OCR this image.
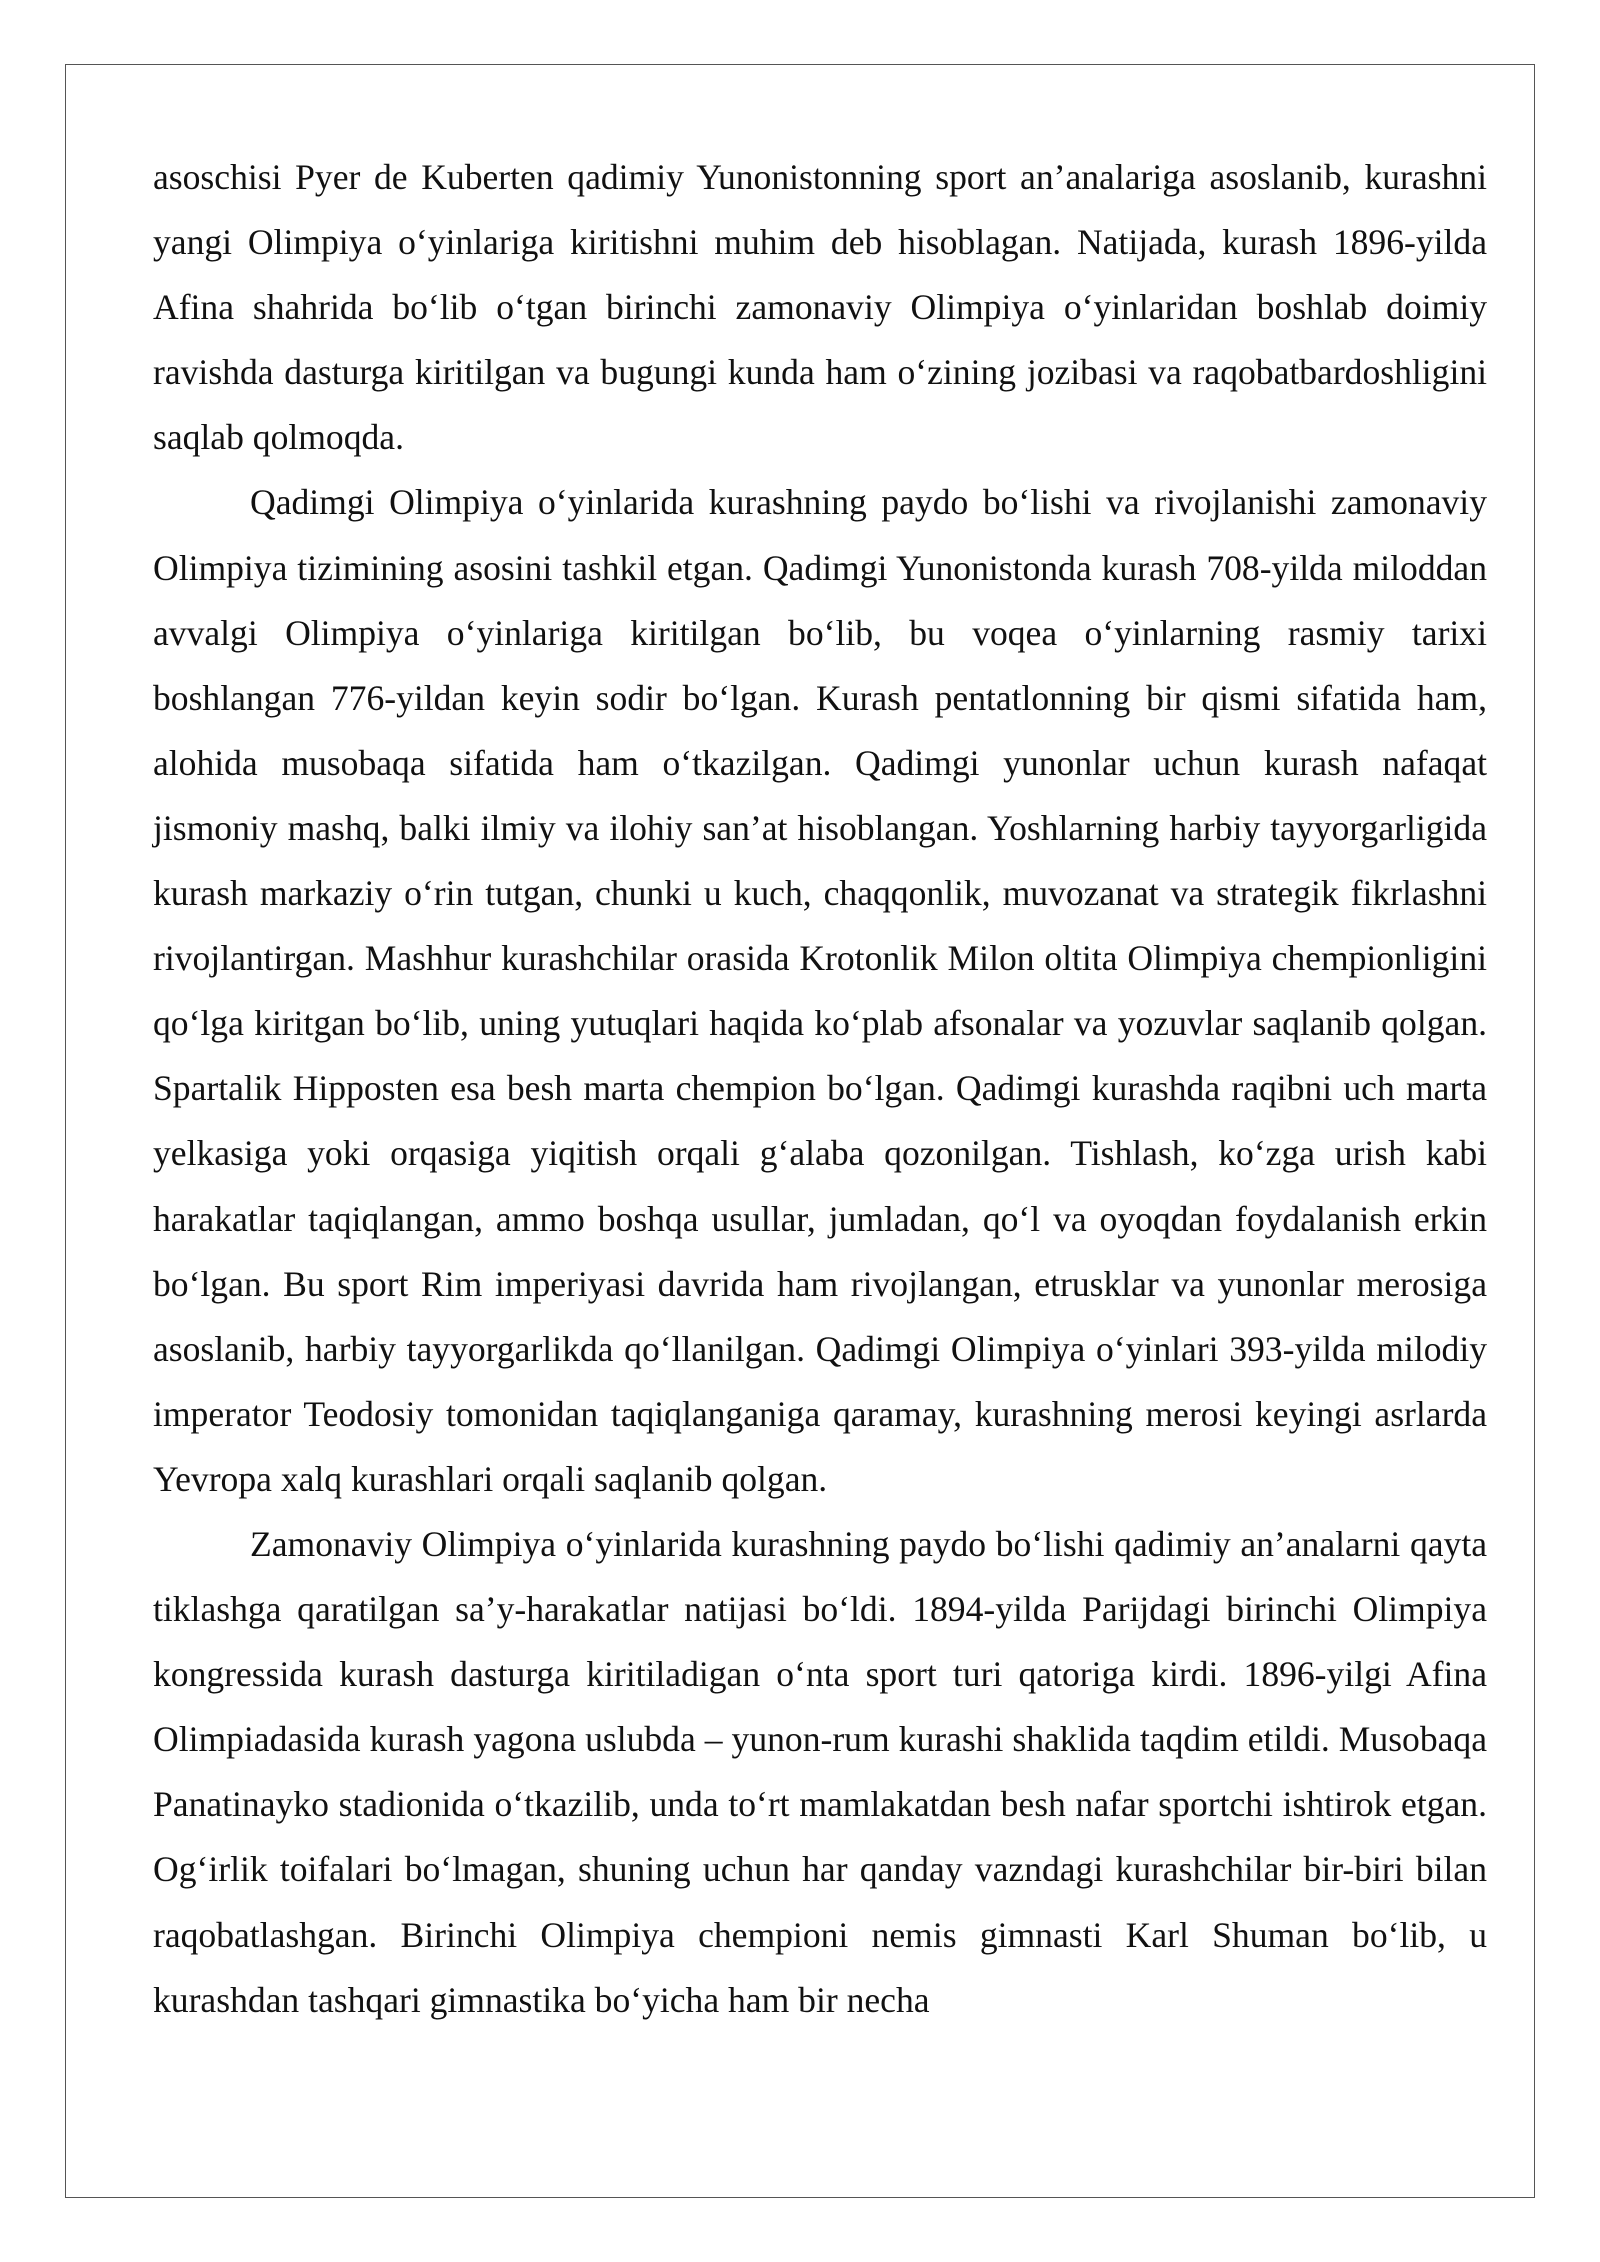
asoschisi Pyer de Kuberten qadimiy Yunonistonning sport an’analariga asoslanib, kurashni yangi Olimpiya o‘yinlariga kiritishni muhim deb hisoblagan. Natijada, kurash 1896-yilda Afina shahrida bo‘lib o‘tgan birinchi zamonaviy Olimpiya o‘yinlaridan boshlab doimiy ravishda dasturga kiritilgan va bugungi kunda ham o‘zining jozibasi va raqobatbardoshligini saqlab qolmoqda.

Qadimgi Olimpiya o‘yinlarida kurashning paydo bo‘lishi va rivojlanishi zamonaviy Olimpiya tizimining asosini tashkil etgan. Qadimgi Yunonistonda kurash 708-yilda miloddan avvalgi Olimpiya o‘yinlariga kiritilgan bo‘lib, bu voqea o‘yinlarning rasmiy tarixi boshlangan 776-yildan keyin sodir bo‘lgan. Kurash pentatlonning bir qismi sifatida ham, alohida musobaqa sifatida ham o‘tkazilgan. Qadimgi yunonlar uchun kurash nafaqat jismoniy mashq, balki ilmiy va ilohiy san’at hisoblangan. Yoshlarning harbiy tayyorgarligida kurash markaziy o‘rin tutgan, chunki u kuch, chaqqonlik, muvozanat va strategik fikrlashni rivojlantirgan. Mashhur kurashchilar orasida Krotonlik Milon oltita Olimpiya chempionligini qo‘lga kiritgan bo‘lib, uning yutuqlari haqida ko‘plab afsonalar va yozuvlar saqlanib qolgan. Spartalik Hipposten esa besh marta chempion bo‘lgan. Qadimgi kurashda raqibni uch marta yelkasiga yoki orqasiga yiqitish orqali g‘alaba qozonilgan. Tishlash, ko‘zga urish kabi harakatlar taqiqlangan, ammo boshqa usullar, jumladan, qo‘l va oyoqdan foydalanish erkin bo‘lgan. Bu sport Rim imperiyasi davrida ham rivojlangan, etrusklar va yunonlar merosiga asoslanib, harbiy tayyorgarlikda qo‘llanilgan. Qadimgi Olimpiya o‘yinlari 393-yilda milodiy imperator Teodosiy tomonidan taqiqlanganiga qaramay, kurashning merosi keyingi asrlarda Yevropa xalq kurashlari orqali saqlanib qolgan.

Zamonaviy Olimpiya o‘yinlarida kurashning paydo bo‘lishi qadimiy an’analarni qayta tiklashga qaratilgan sa’y-harakatlar natijasi bo‘ldi. 1894-yilda Parijdagi birinchi Olimpiya kongressida kurash dasturga kiritiladigan o‘nta sport turi qatoriga kirdi. 1896-yilgi Afina Olimpiadasida kurash yagona uslubda – yunon-rum kurashi shaklida taqdim etildi. Musobaqa Panatinayko stadionida o‘tkazilib, unda to‘rt mamlakatdan besh nafar sportchi ishtirok etgan. Og‘irlik toifalari bo‘lmagan, shuning uchun har qanday vazndagi kurashchilar bir-biri bilan raqobatlashgan. Birinchi Olimpiya chempioni nemis gimnasti Karl Shuman bo‘lib, u kurashdan tashqari gimnastika bo‘yicha ham bir necha
